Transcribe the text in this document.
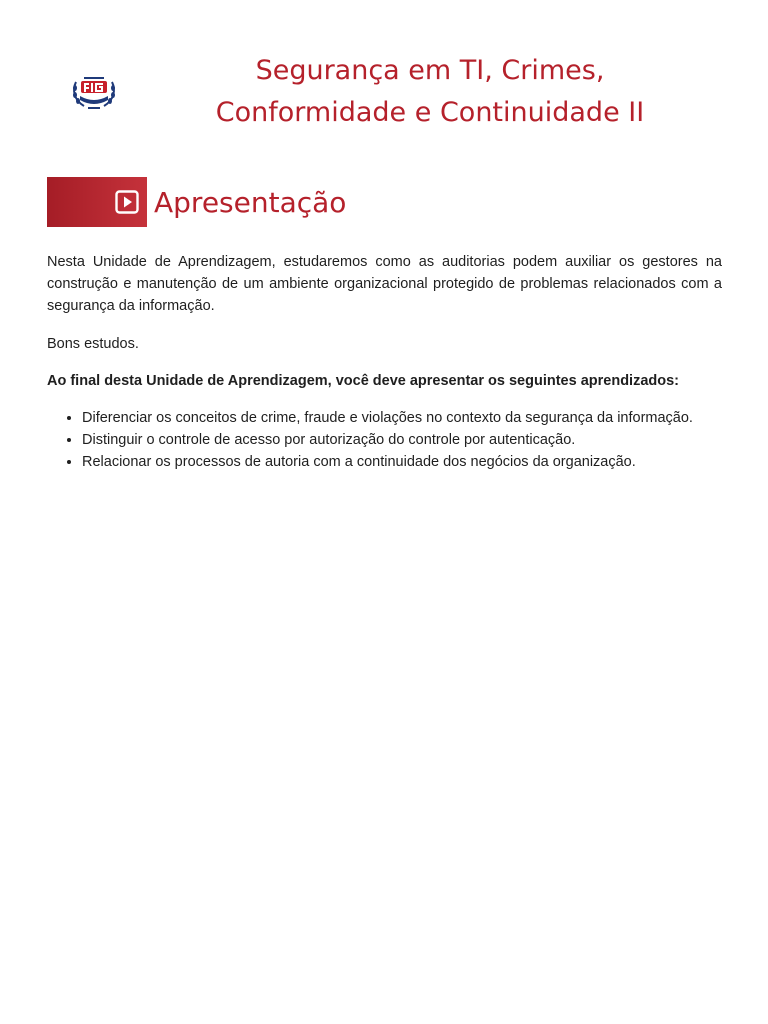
Segurança em TI, Crimes,
Conformidade e Continuidade II
Apresentação

Nesta Unidade de Aprendizagem, estudaremos como as auditorias podem auxiliar os gestores na construção e manutenção de um ambiente organizacional protegido de problemas relacionados com a segurança da informação.

Bons estudos.

Ao final desta Unidade de Aprendizagem, você deve apresentar os seguintes aprendizados:

• Diferenciar os conceitos de crime, fraude e violações no contexto da segurança da informação.
• Distinguir o controle de acesso por autorização do controle por autenticação.
• Relacionar os processos de autoria com a continuidade dos negócios da organização.
